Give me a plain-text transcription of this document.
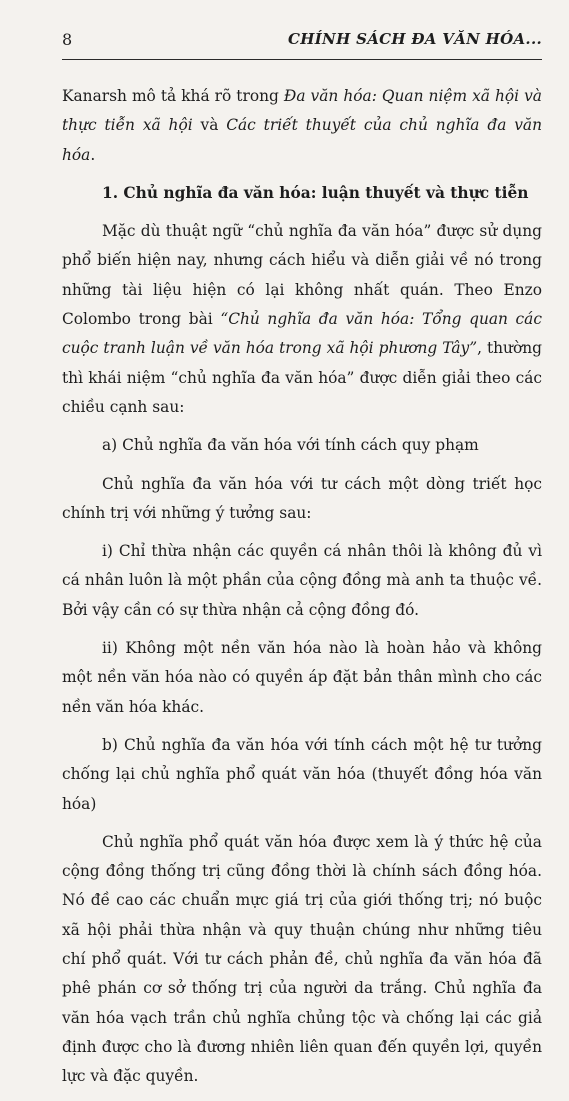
8	CHÍNH SÁCH ĐA VĂN HÓA...

Kanarsh mô tả khá rõ trong Đa văn hóa: Quan niệm xã hội và thực tiễn xã hội và Các triết thuyết của chủ nghĩa đa văn hóa.

1. Chủ nghĩa đa văn hóa: luận thuyết và thực tiễn

Mặc dù thuật ngữ “chủ nghĩa đa văn hóa” được sử dụng phổ biến hiện nay, nhưng cách hiểu và diễn giải về nó trong những tài liệu hiện có lại không nhất quán. Theo Enzo Colombo trong bài “Chủ nghĩa đa văn hóa: Tổng quan các cuộc tranh luận về văn hóa trong xã hội phương Tây”, thường thì khái niệm “chủ nghĩa đa văn hóa” được diễn giải theo các chiều cạnh sau:

a) Chủ nghĩa đa văn hóa với tính cách quy phạm

Chủ nghĩa đa văn hóa với tư cách một dòng triết học chính trị với những ý tưởng sau:

i) Chỉ thừa nhận các quyền cá nhân thôi là không đủ vì cá nhân luôn là một phần của cộng đồng mà anh ta thuộc về. Bởi vậy cần có sự thừa nhận cả cộng đồng đó.

ii) Không một nền văn hóa nào là hoàn hảo và không một nền văn hóa nào có quyền áp đặt bản thân mình cho các nền văn hóa khác.

b) Chủ nghĩa đa văn hóa với tính cách một hệ tư tưởng chống lại chủ nghĩa phổ quát văn hóa (thuyết đồng hóa văn hóa)

Chủ nghĩa phổ quát văn hóa được xem là ý thức hệ của cộng đồng thống trị cũng đồng thời là chính sách đồng hóa. Nó đề cao các chuẩn mực giá trị của giới thống trị; nó buộc xã hội phải thừa nhận và quy thuận chúng như những tiêu chí phổ quát. Với tư cách phản đề, chủ nghĩa đa văn hóa đã phê phán cơ sở thống trị của người da trắng. Chủ nghĩa đa văn hóa vạch trần chủ nghĩa chủng tộc và chống lại các giả định được cho là đương nhiên liên quan đến quyền lợi, quyền lực và đặc quyền.
